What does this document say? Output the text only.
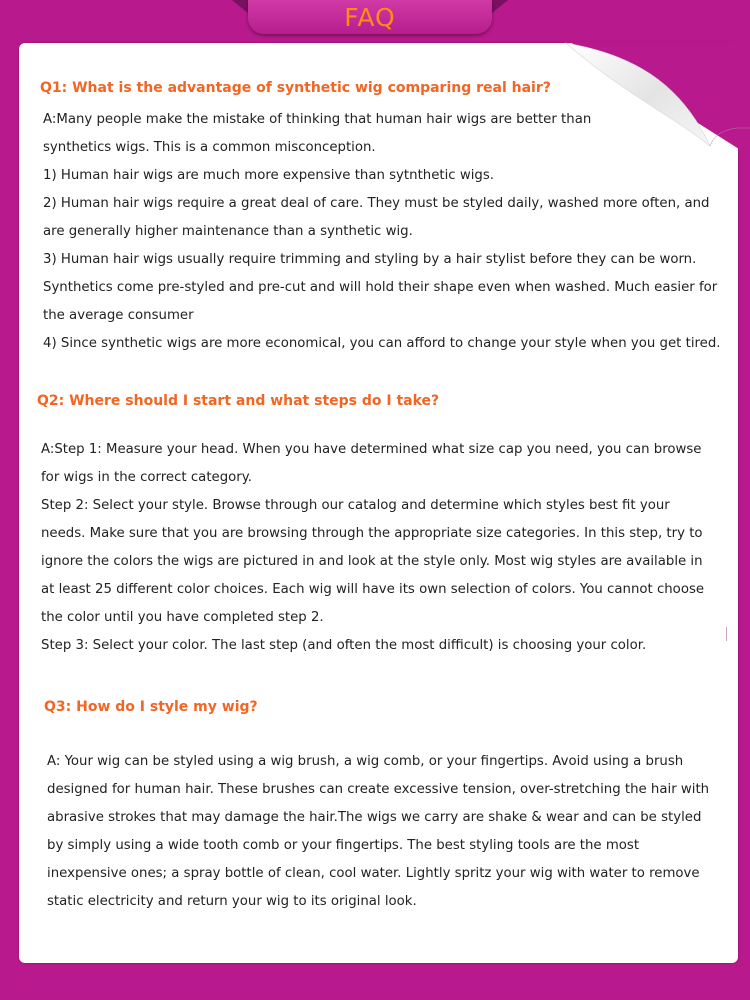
FAQ
Q1: What is the advantage of synthetic wig comparing real hair?

A:Many people make the mistake of thinking that human hair wigs are better than

synthetics wigs. This is a common misconception.

1) Human hair wigs are much more expensive than sytnthetic wigs.

2) Human hair wigs require a great deal of care. They must be styled daily, washed more often, and

are generally higher maintenance than a synthetic wig.

3) Human hair wigs usually require trimming and styling by a hair stylist before they can be worn.

Synthetics come pre-styled and pre-cut and will hold their shape even when washed. Much easier for

the average consumer

4) Since synthetic wigs are more economical, you can afford to change your style when you get tired.

Q2: Where should I start and what steps do I take?

A:Step 1: Measure your head. When you have determined what size cap you need, you can browse

for wigs in the correct category.

Step 2: Select your style. Browse through our catalog and determine which styles best fit your

needs. Make sure that you are browsing through the appropriate size categories. In this step, try to

ignore the colors the wigs are pictured in and look at the style only. Most wig styles are available in

at least 25 different color choices. Each wig will have its own selection of colors. You cannot choose

the color until you have completed step 2.

Step 3: Select your color. The last step (and often the most difficult) is choosing your color.

Q3: How do I style my wig?

A: Your wig can be styled using a wig brush, a wig comb, or your fingertips. Avoid using a brush

designed for human hair. These brushes can create excessive tension, over-stretching the hair with

abrasive strokes that may damage the hair.The wigs we carry are shake & wear and can be styled

by simply using a wide tooth comb or your fingertips. The best styling tools are the most

inexpensive ones; a spray bottle of clean, cool water. Lightly spritz your wig with water to remove

static electricity and return your wig to its original look.
